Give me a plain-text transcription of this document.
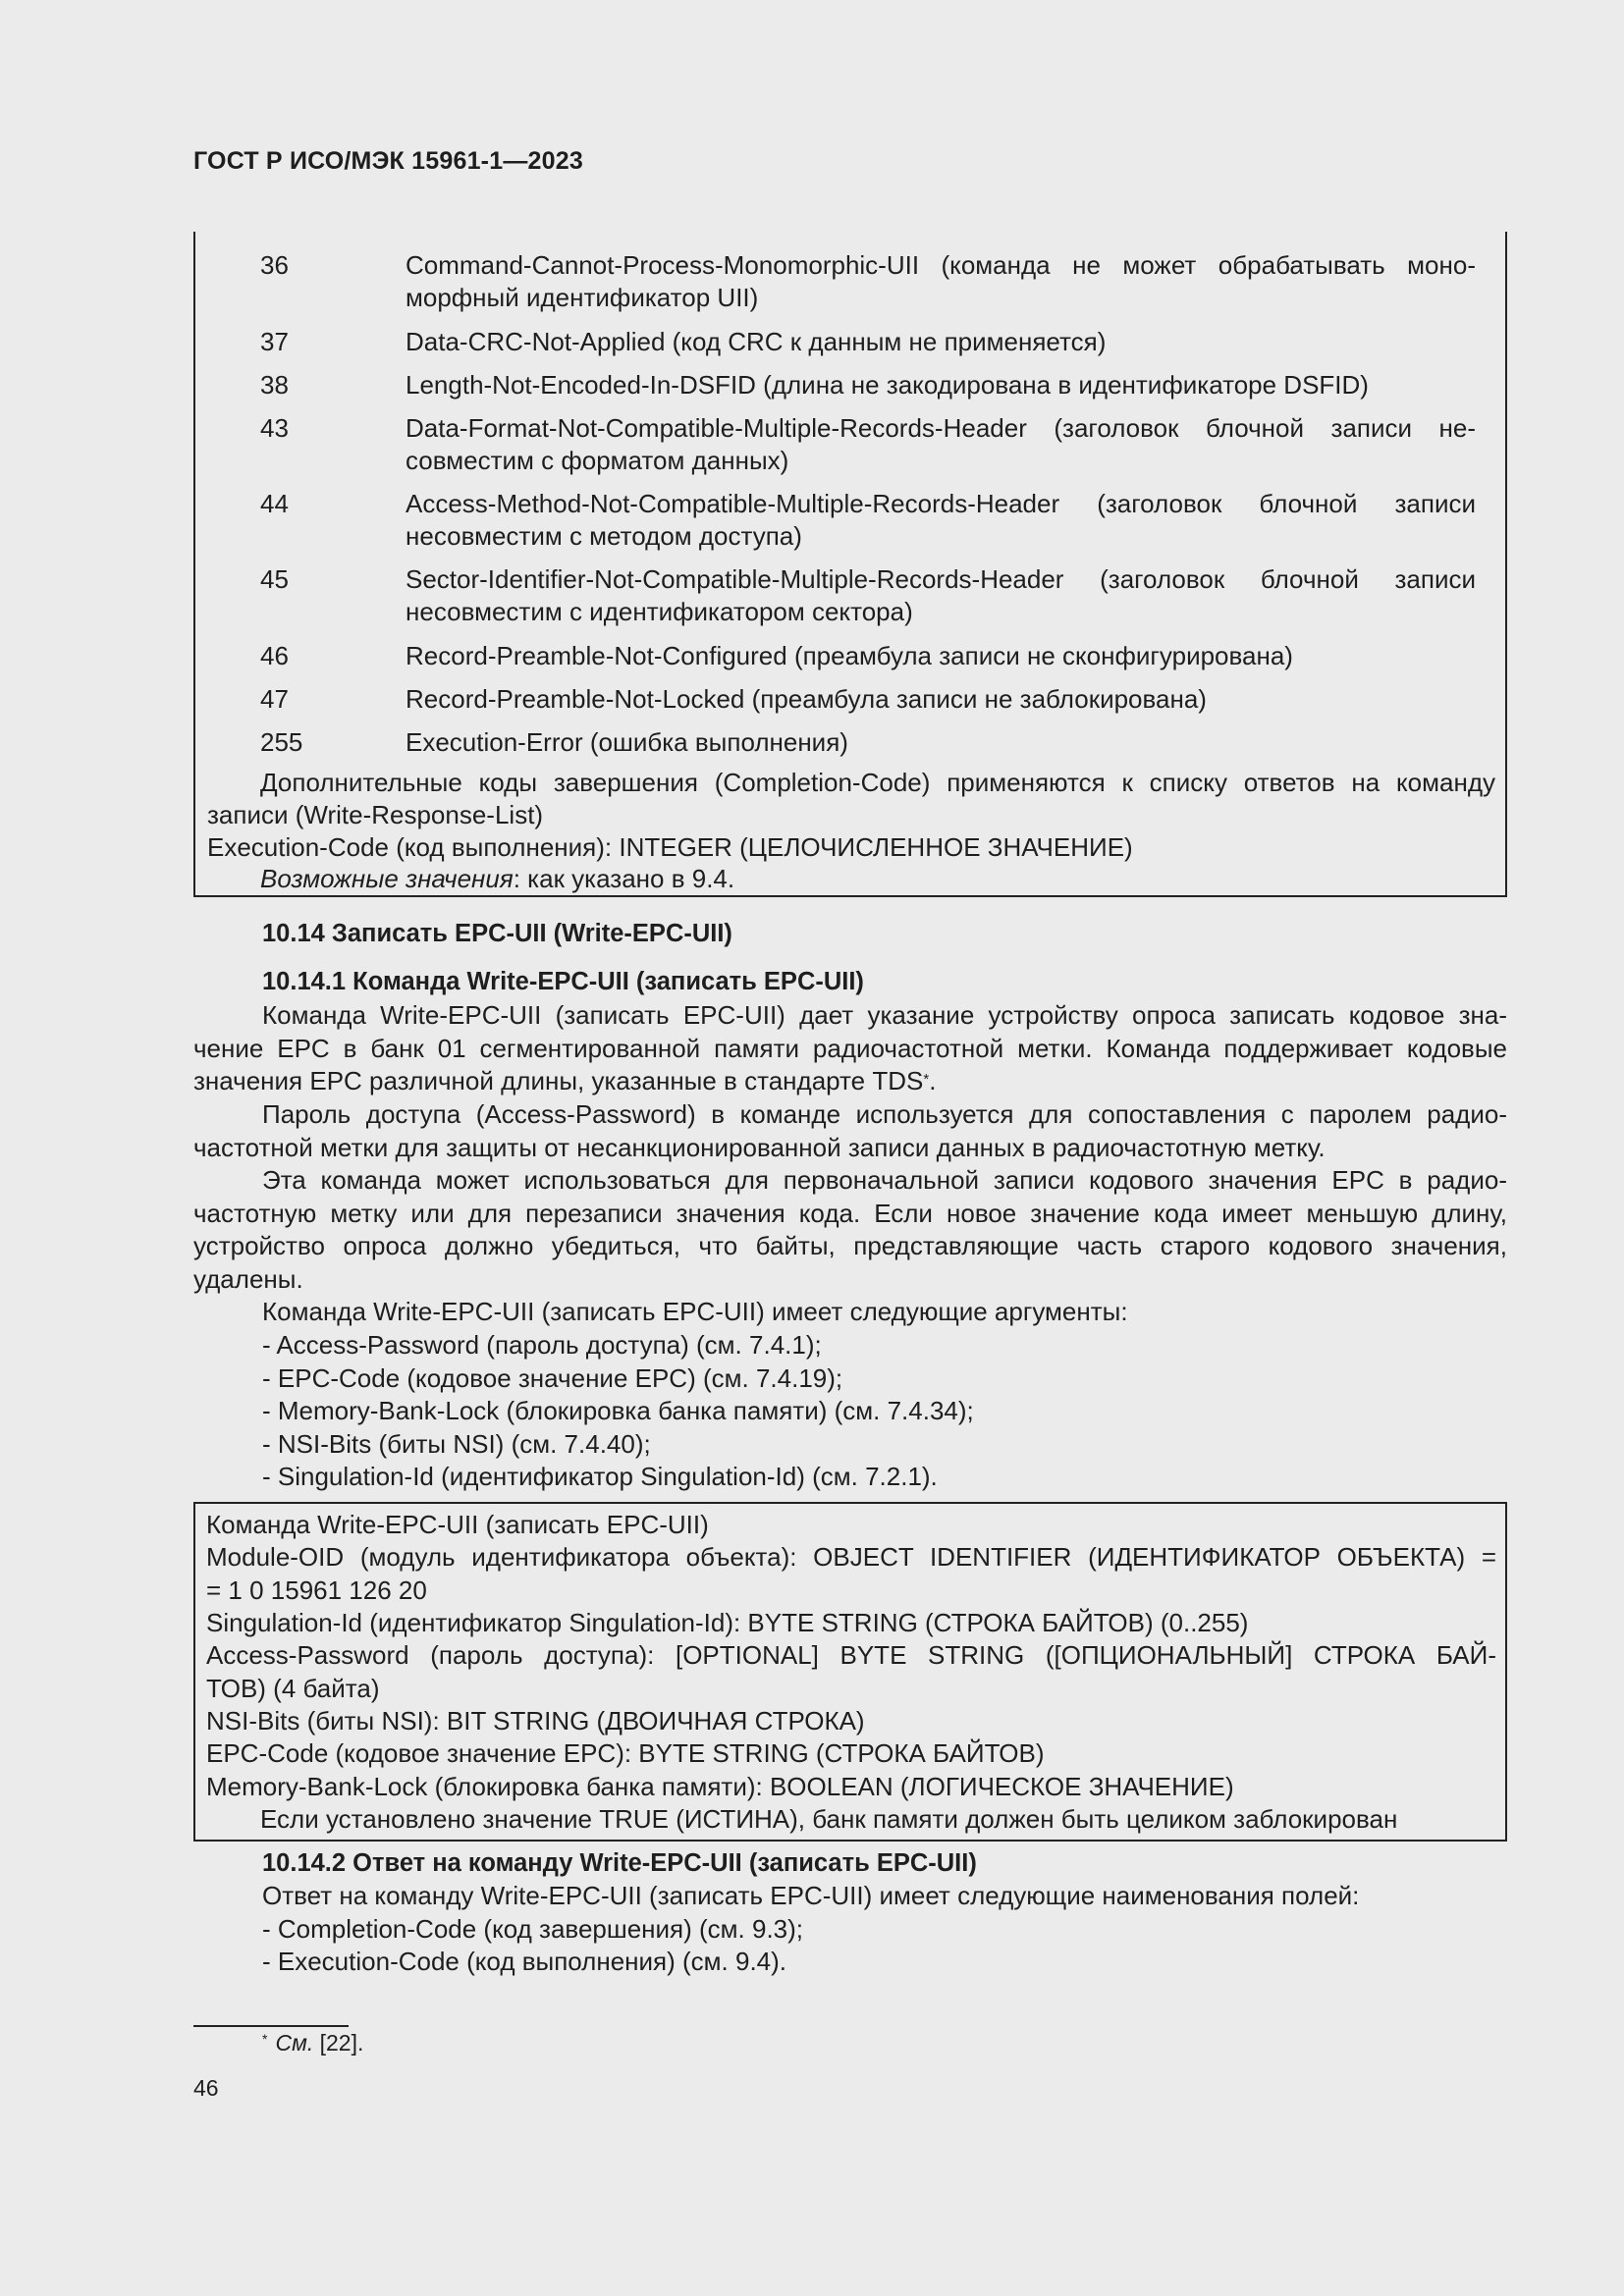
ГОСТ Р ИСО/МЭК 15961-1—2023
36	Command-Cannot-Process-Monomorphic-UII (команда не может обрабатывать моно-морфный идентификатор UII)
37	Data-CRC-Not-Applied (код CRC к данным не применяется)
38	Length-Not-Encoded-In-DSFID (длина не закодирована в идентификаторе DSFID)
43	Data-Format-Not-Compatible-Multiple-Records-Header (заголовок блочной записи не-совместим с форматом данных)
44	Access-Method-Not-Compatible-Multiple-Records-Header (заголовок блочной записи несовместим с методом доступа)
45	Sector-Identifier-Not-Compatible-Multiple-Records-Header (заголовок блочной записи несовместим с идентификатором сектора)
46	Record-Preamble-Not-Configured (преамбула записи не сконфигурирована)
47	Record-Preamble-Not-Locked (преамбула записи не заблокирована)
255	Execution-Error (ошибка выполнения)
Дополнительные коды завершения (Completion-Code) применяются к списку ответов на команду
записи (Write-Response-List)
Execution-Code (код выполнения): INTEGER (ЦЕЛОЧИСЛЕННОЕ ЗНАЧЕНИЕ)
Возможные значения: как указано в 9.4.
10.14 Записать EPC-UII (Write-EPC-UII)
10.14.1 Команда Write-EPC-UII (записать EPC-UII)
Команда Write-EPC-UII (записать EPC-UII) дает указание устройству опроса записать кодовое зна-чение EPC в банк 01 сегментированной памяти радиочастотной метки. Команда поддерживает кодовые значения EPC различной длины, указанные в стандарте TDS*.
Пароль доступа (Access-Password) в команде используется для сопоставления с паролем радио-частотной метки для защиты от несанкционированной записи данных в радиочастотную метку.
Эта команда может использоваться для первоначальной записи кодового значения EPC в радио-частотную метку или для перезаписи значения кода. Если новое значение кода имеет меньшую длину, устройство опроса должно убедиться, что байты, представляющие часть старого кодового значения, удалены.
Команда Write-EPC-UII (записать EPC-UII) имеет следующие аргументы:
- Access-Password (пароль доступа) (см. 7.4.1);
- EPC-Code (кодовое значение EPC) (см. 7.4.19);
- Memory-Bank-Lock (блокировка банка памяти) (см. 7.4.34);
- NSI-Bits (биты NSI) (см. 7.4.40);
- Singulation-Id (идентификатор Singulation-Id) (см. 7.2.1).
Команда Write-EPC-UII (записать EPC-UII)
Module-OID (модуль идентификатора объекта): OBJECT IDENTIFIER (ИДЕНТИФИКАТОР ОБЪЕКТА) =
= 1 0 15961 126 20
Singulation-Id (идентификатор Singulation-Id): BYTE STRING (СТРОКА БАЙТОВ) (0..255)
Access-Password (пароль доступа): [OPTIONAL] BYTE STRING ([ОПЦИОНАЛЬНЫЙ] СТРОКА БАЙ-
ТОВ) (4 байта)
NSI-Bits (биты NSI): BIT STRING (ДВОИЧНАЯ СТРОКА)
EPC-Code (кодовое значение EPC): BYTE STRING (СТРОКА БАЙТОВ)
Memory-Bank-Lock (блокировка банка памяти): BOOLEAN (ЛОГИЧЕСКОЕ ЗНАЧЕНИЕ)
Если установлено значение TRUE (ИСТИНА), банк памяти должен быть целиком заблокирован
10.14.2 Ответ на команду Write-EPC-UII (записать EPC-UII)
Ответ на команду Write-EPC-UII (записать EPC-UII) имеет следующие наименования полей:
- Completion-Code (код завершения) (см. 9.3);
- Execution-Code (код выполнения) (см. 9.4).
* См. [22].
46
